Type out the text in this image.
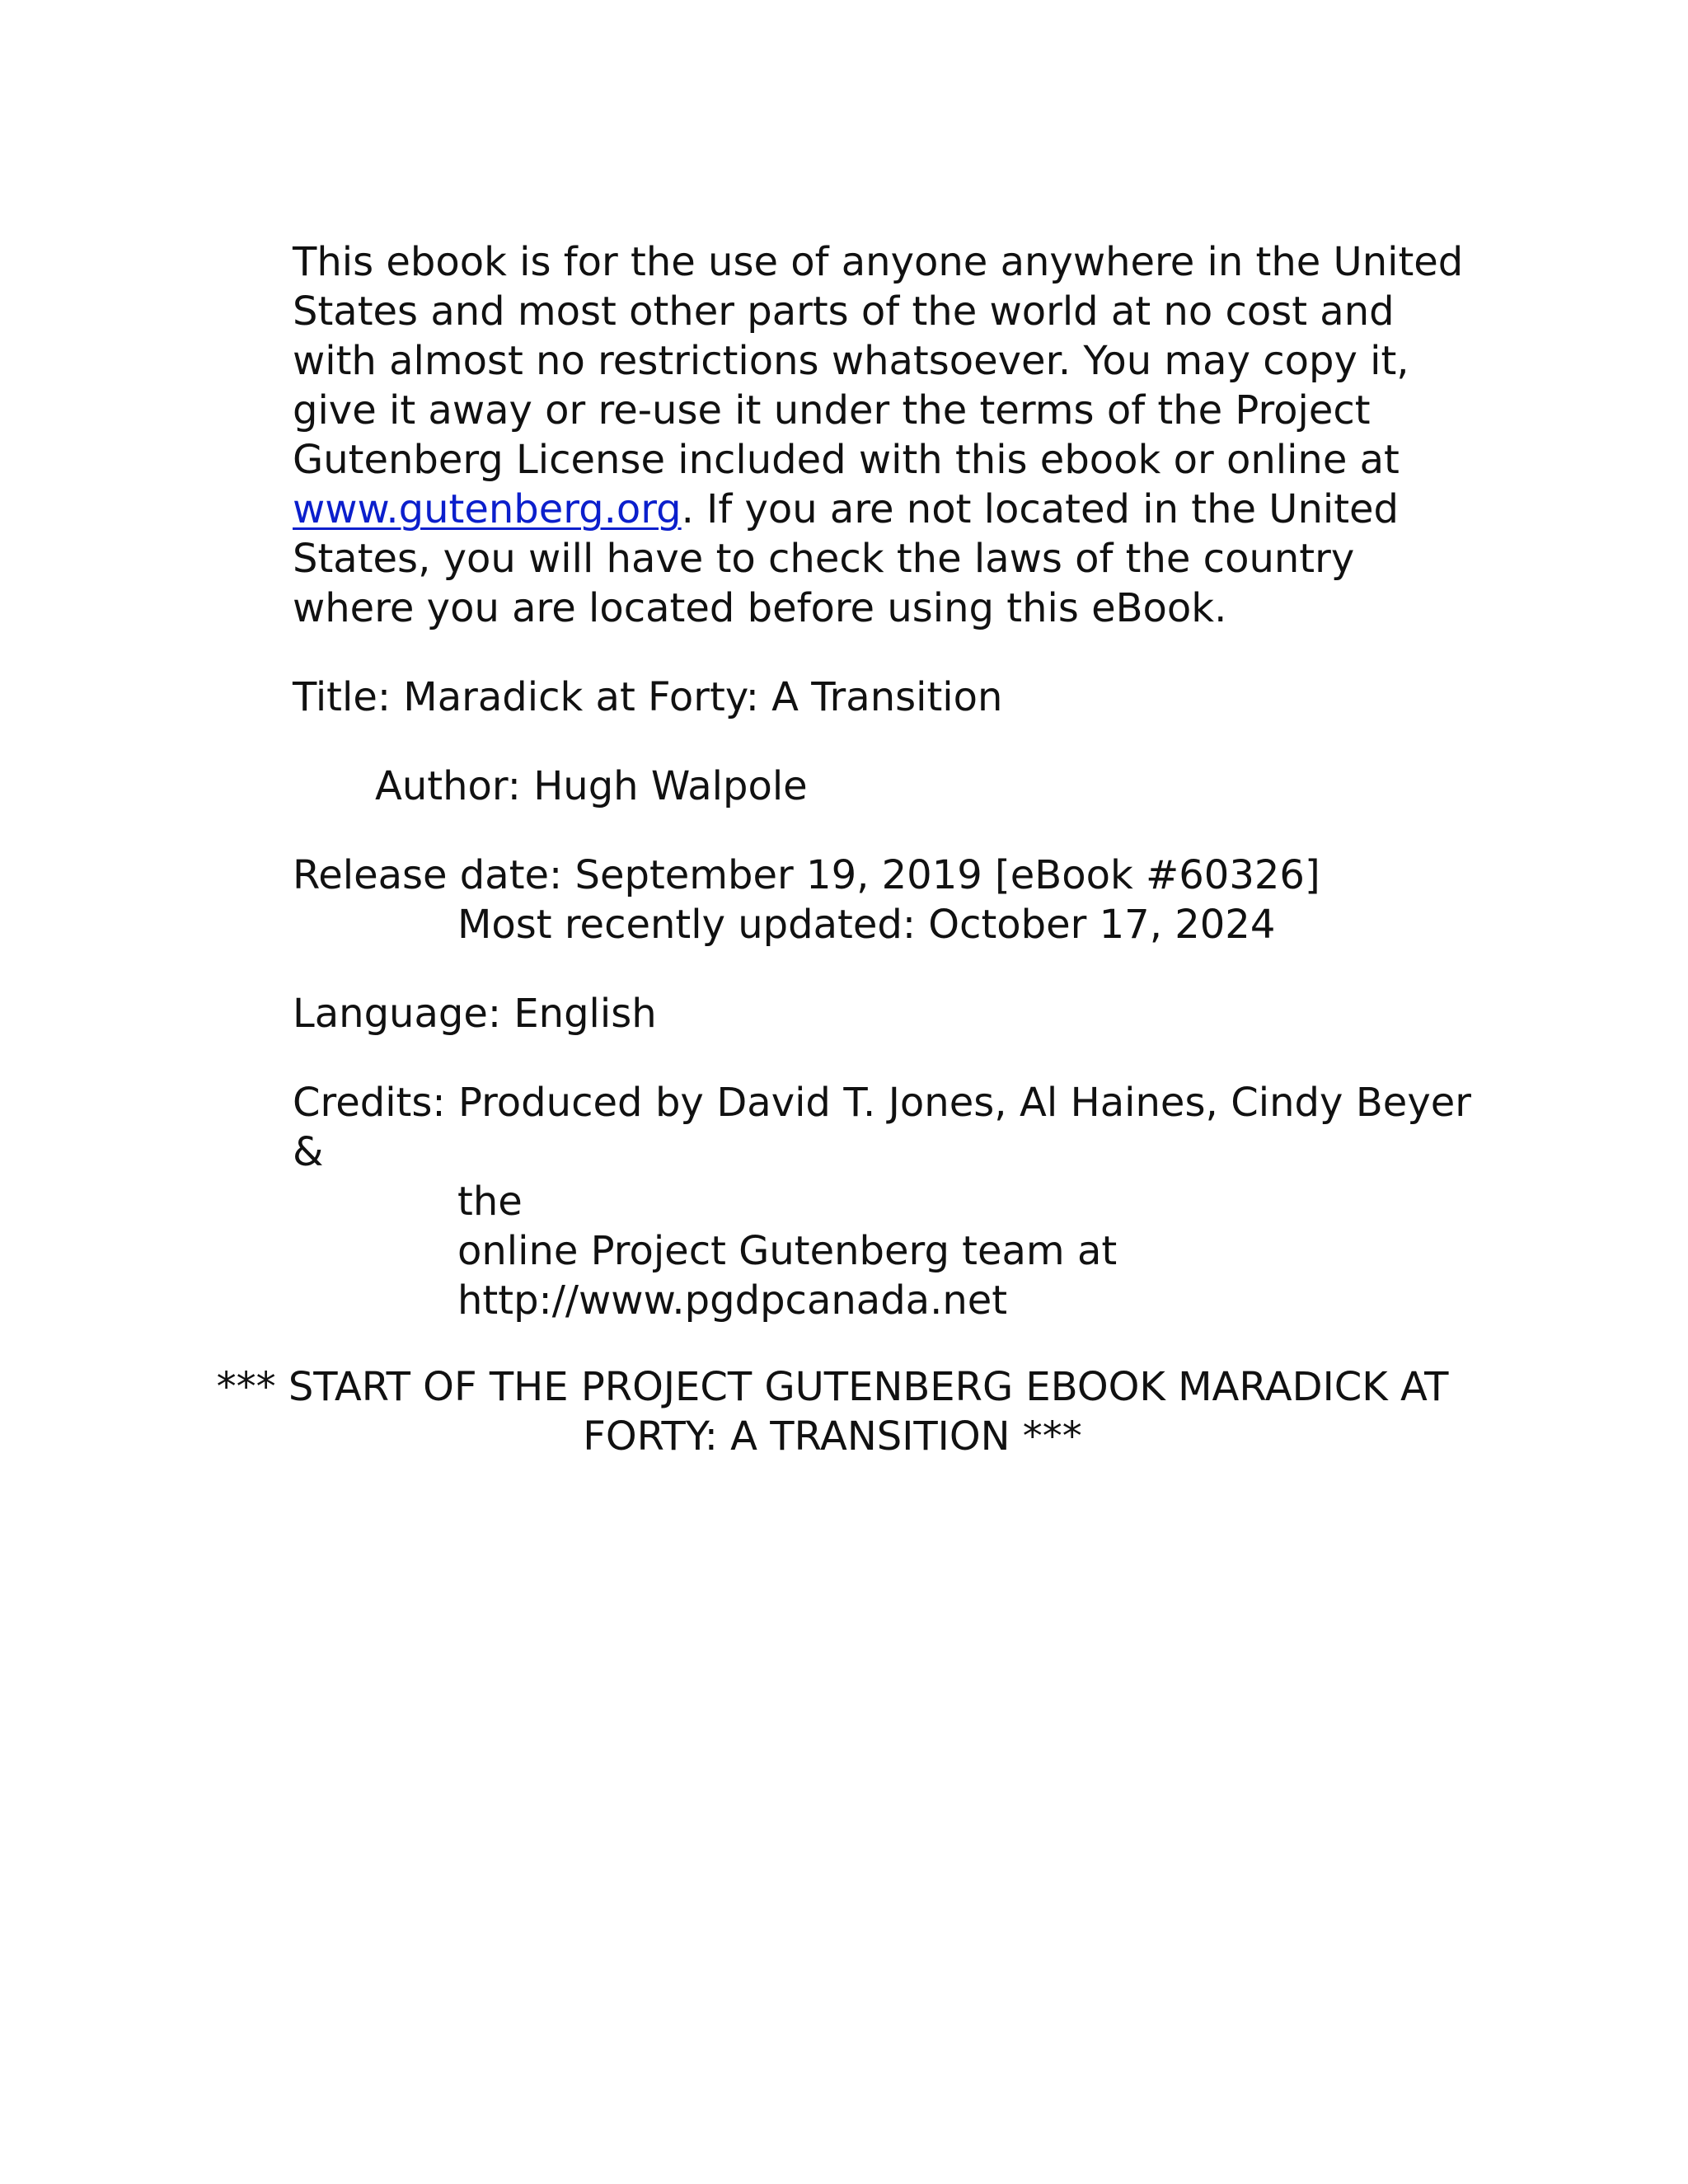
This ebook is for the use of anyone anywhere in the United States and most other parts of the world at no cost and with almost no restrictions whatsoever. You may copy it, give it away or re-use it under the terms of the Project Gutenberg License included with this ebook or online at www.gutenberg.org. If you are not located in the United States, you will have to check the laws of the country where you are located before using this eBook.

Title: Maradick at Forty: A Transition

Author: Hugh Walpole

Release date: September 19, 2019 [eBook #60326]

Most recently updated: October 17, 2024

Language: English

Credits: Produced by David T. Jones, Al Haines, Cindy Beyer &

the

online Project Gutenberg team at

http://www.pgdpcanada.net

*** START OF THE PROJECT GUTENBERG EBOOK MARADICK AT FORTY: A TRANSITION ***
